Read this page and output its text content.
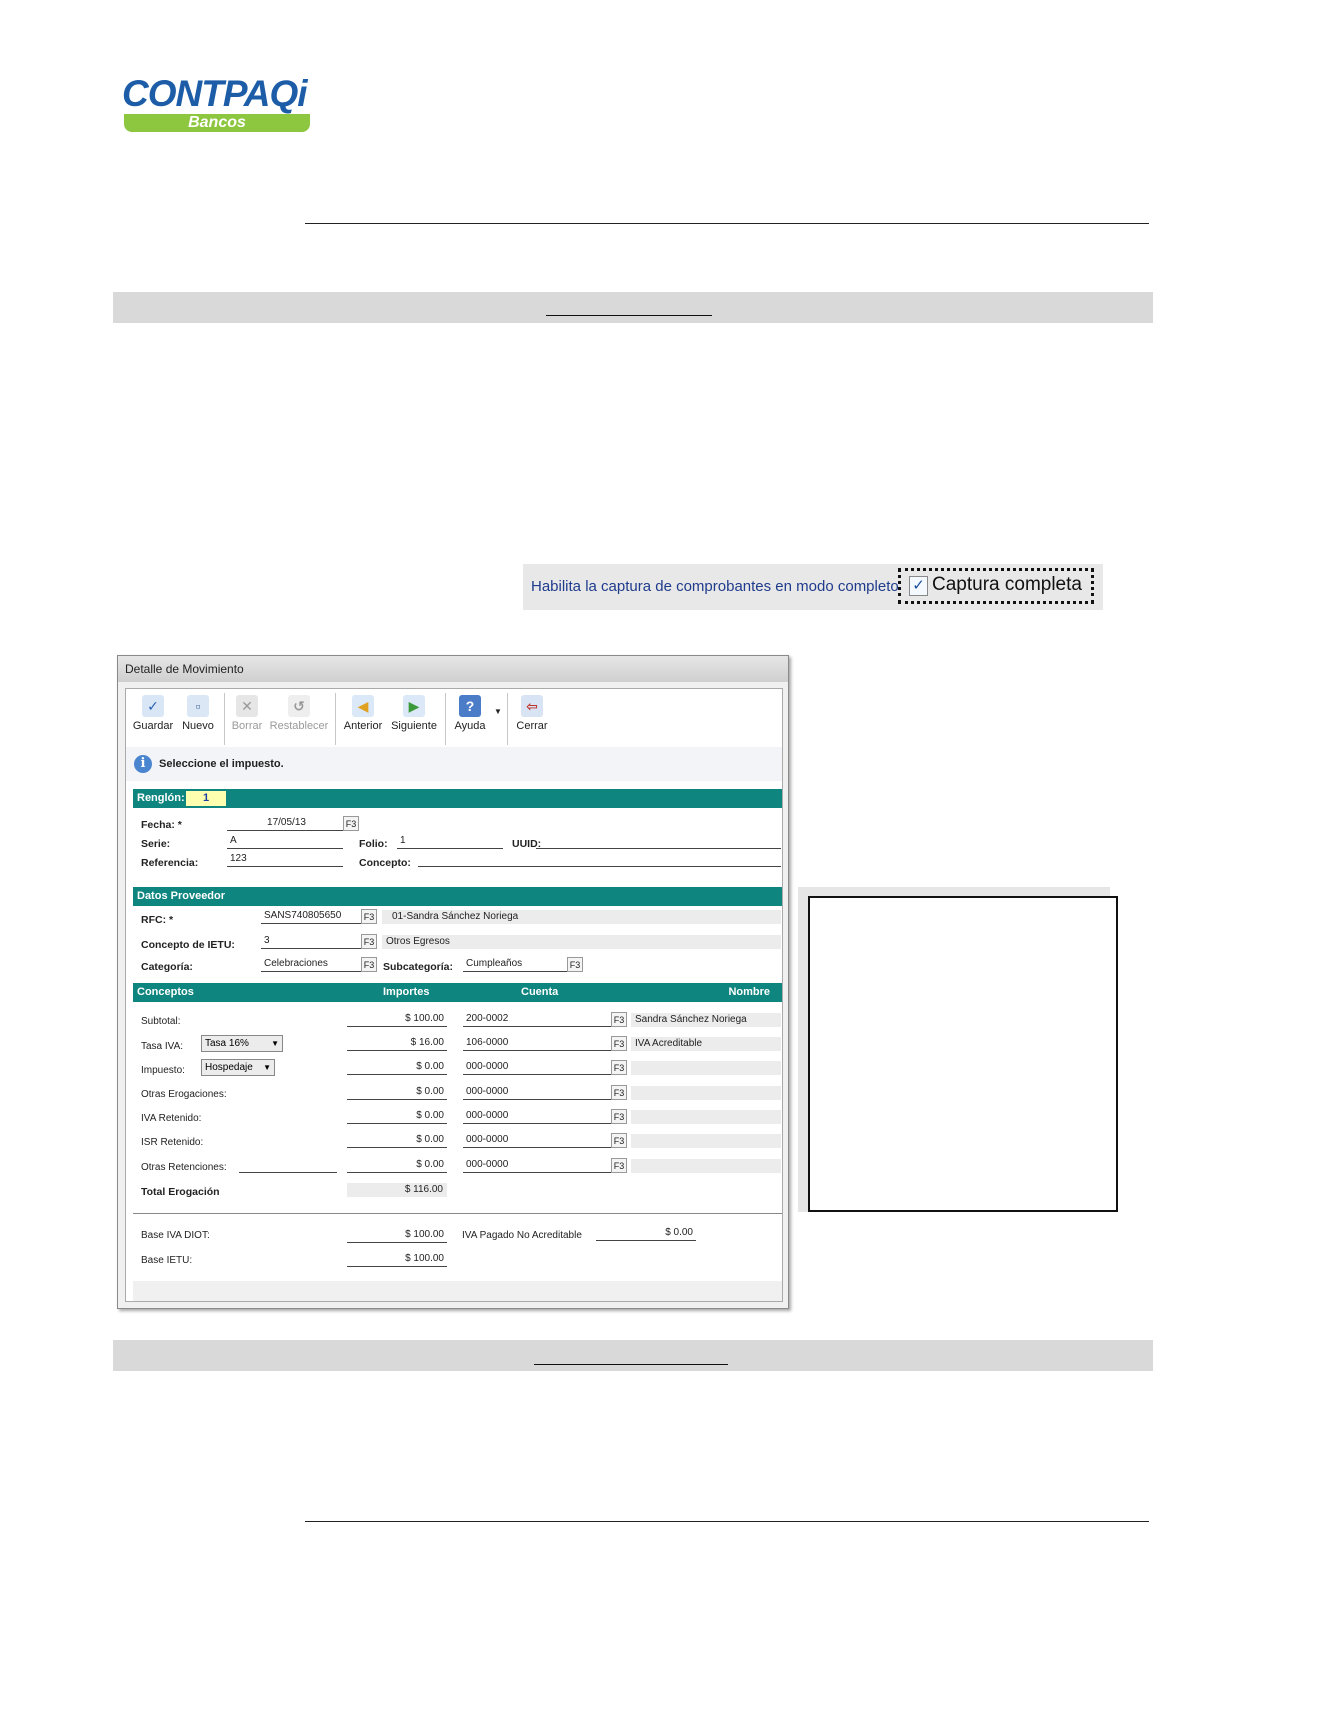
CONTPAQi
Bancos
Habilita la captura de comprobantes en modo completo ✓ Captura completa
Detalle de Movimiento
✓
Guardar
▫
Nuevo
✕
Borrar
↺
Restablecer
◀
Anterior
▶
Siguiente
?
Ayuda
▼	⇦
Cerrar
i	Seleccione el impuesto.
Renglón:	1
Fecha: *	17/05/13	F3
Serie:	A	Folio:	1	UUID:
Referencia:	123	Concepto:
Datos Proveedor
RFC: *	SANS740805650	F3	01-Sandra Sánchez Noriega
Concepto de IETU:	3	F3	Otros Egresos
Categoría:	Celebraciones	F3 Subcategoría:	Cumpleaños	F3
Conceptos	Importes	Cuenta	Nombre
Subtotal:	$ 100.00	200-0002	F3	Sandra Sánchez Noriega
Tasa IVA:	Tasa 16%	▼	$ 16.00	106-0000	F3	IVA Acreditable
Impuesto:	Hospedaje ▼	$ 0.00	000-0000	F3
Otras Erogaciones:	$ 0.00	000-0000	F3
IVA Retenido:	$ 0.00	000-0000	F3
ISR Retenido:	$ 0.00	000-0000	F3
Otras Retenciones:	$ 0.00	000-0000	F3
Total Erogación	$ 116.00
Base IVA DIOT:	$ 100.00	IVA Pagado No Acreditable	$ 0.00
Base IETU:	$ 100.00
